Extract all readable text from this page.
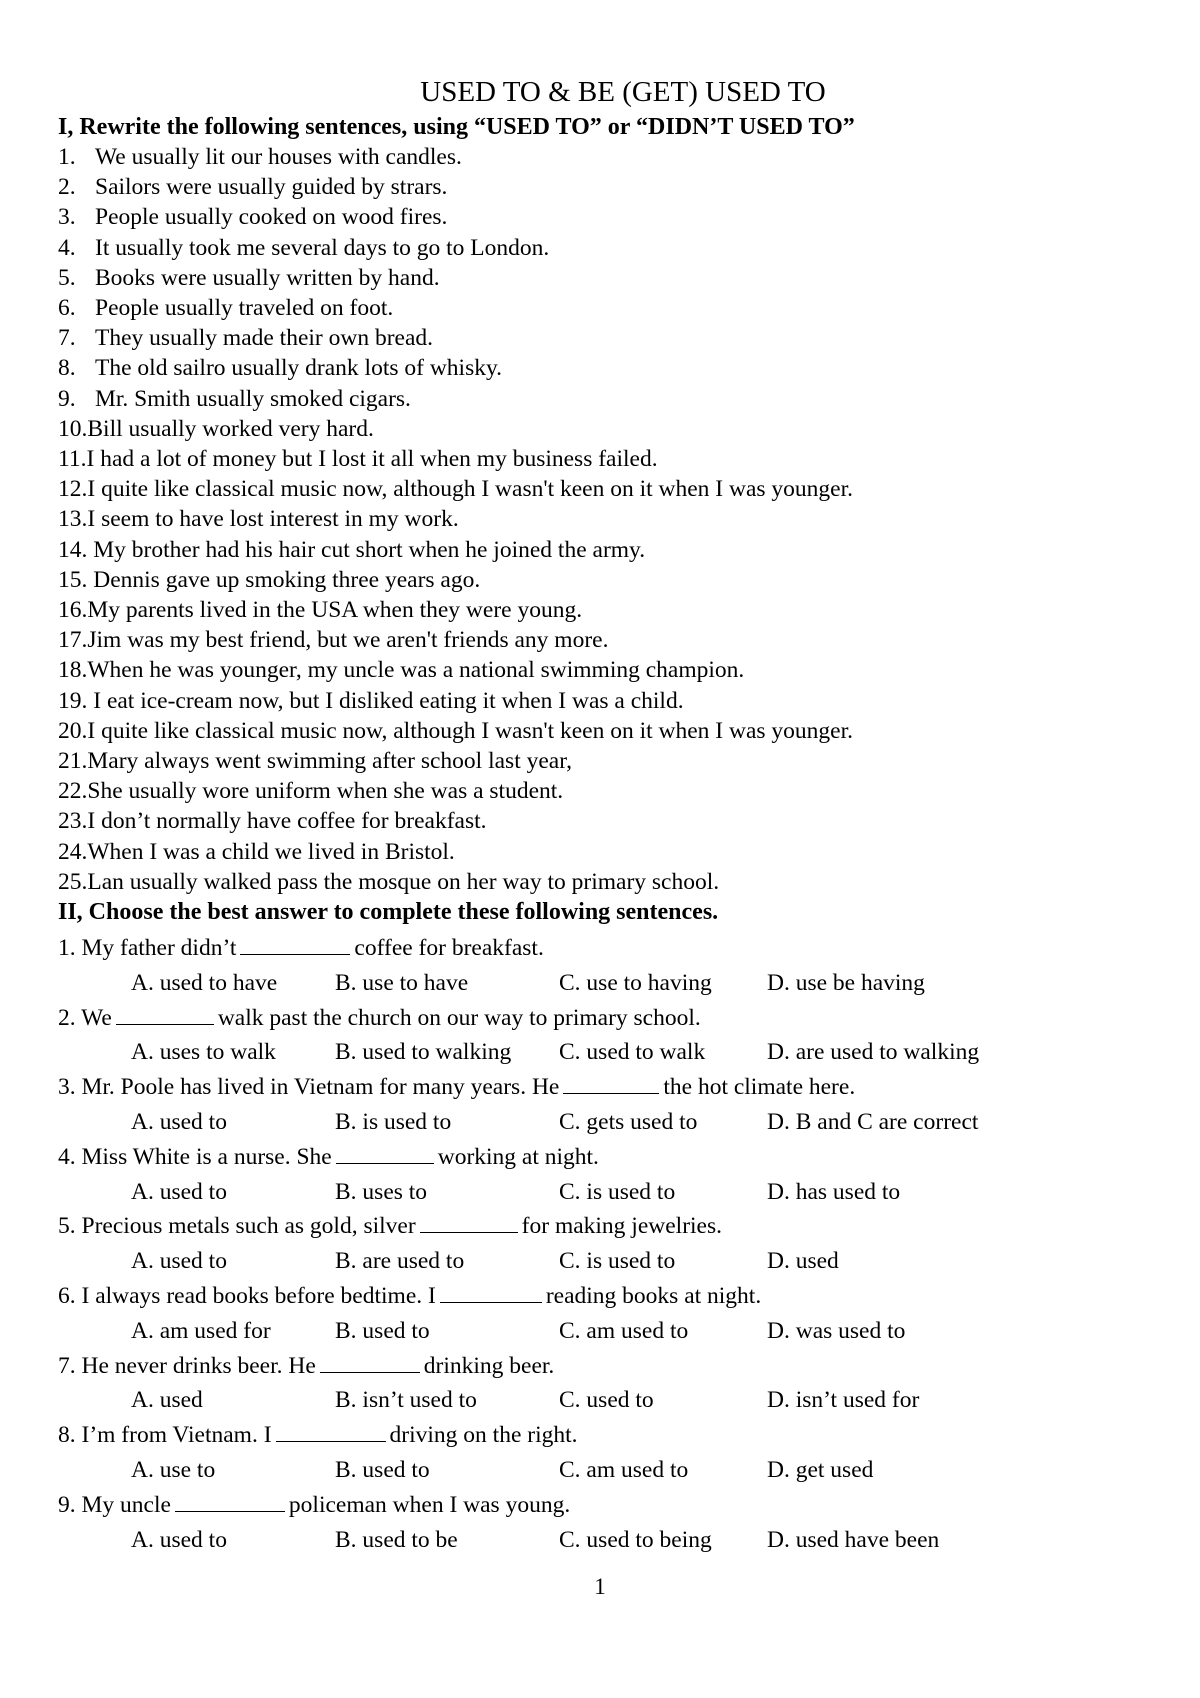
USED TO & BE (GET) USED TO

I, Rewrite the following sentences, using “USED TO” or “DIDN’T USED TO”

1. We usually lit our houses with candles.
2. Sailors were usually guided by strars.
3. People usually cooked on wood fires.
4. It usually took me several days to go to London.
5. Books were usually written by hand.
6. People usually traveled on foot.
7. They usually made their own bread.
8. The old sailro usually drank lots of whisky.
9. Mr. Smith usually smoked cigars.
10. Bill usually worked very hard.
11. I had a lot of money but I lost it all when my business failed.
12. I quite like classical music now, although I wasn't keen on it when I was younger.
13. I seem to have lost interest in my work.
14. My brother had his hair cut short when he joined the army.
15. Dennis gave up smoking three years ago.
16. My parents lived in the USA when they were young.
17. Jim was my best friend, but we aren't friends any more.
18. When he was younger, my uncle was a national swimming champion.
19. I eat ice-cream now, but I disliked eating it when I was a child.
20. I quite like classical music now, although I wasn't keen on it when I was younger.
21. Mary always went swimming after school last year,
22. She usually wore uniform when she was a student.
23. I don’t normally have coffee for breakfast.
24. When I was a child we lived in Bristol.
25. Lan usually walked pass the mosque on her way to primary school.

II, Choose the best answer to complete these following sentences.

1. My father didn’t	coffee for breakfast.
A. used to have	B. use to have	C. use to having	D. use be having
2. We	walk past the church on our way to primary school.
A. uses to walk	B. used to walking	C. used to walk	D. are used to walking
3. Mr. Poole has lived in Vietnam for many years. He	the hot climate here.
A. used to	B. is used to	C. gets used to	D. B and C are correct
4. Miss White is a nurse. She	working at night.
A. used to	B. uses to	C. is used to	D. has used to
5. Precious metals such as gold, silver	for making jewelries.
A. used to	B. are used to	C. is used to	D. used
6. I always read books before bedtime. I	reading books at night.
A. am used for	B. used to	C. am used to	D. was used to
7. He never drinks beer. He	drinking beer.
A. used	B. isn’t used to	C. used to	D. isn’t used for
8. I’m from Vietnam. I	driving on the right.
A. use to	B. used to	C. am used to	D. get used
9. My uncle	policeman when I was young.
A. used to	B. used to be	C. used to being	D. used have been
1
